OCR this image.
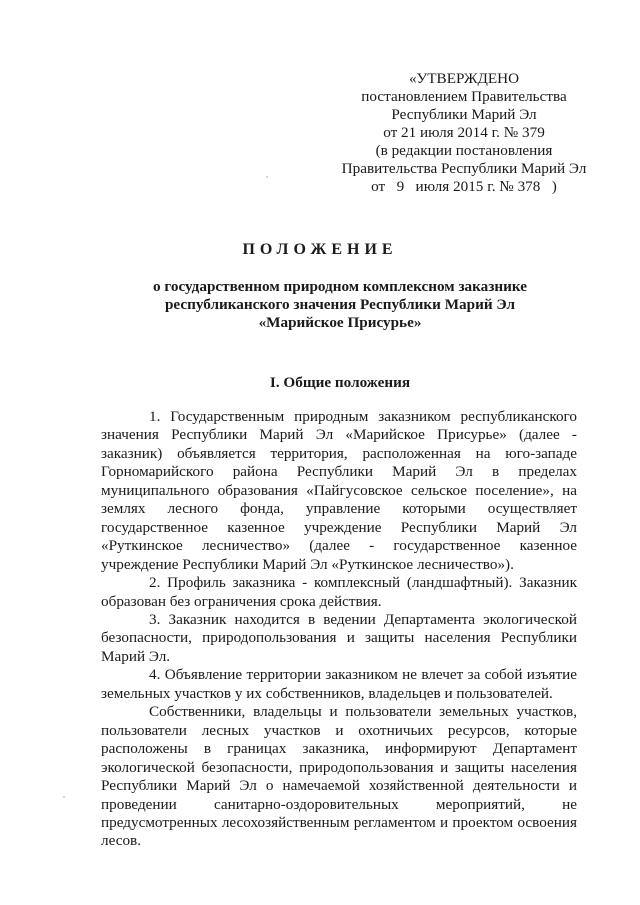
«УТВЕРЖДЕНО
постановлением Правительства
Республики Марий Эл
от 21 июля 2014 г. № 379
(в редакции постановления
Правительства Республики Марий Эл
от   9   июля 2015 г. № 378   )
ПОЛОЖЕНИЕ
о государственном природном комплексном заказнике
республиканского значения Республики Марий Эл
«Марийское Присурье»
I. Общие положения

1. Государственным природным заказником республиканского значения Республики Марий Эл «Марийское Присурье» (далее - заказник) объявляется территория, расположенная на юго-западе Горномарийского района Республики Марий Эл в пределах муниципального образования «Пайгусовское сельское поселение», на землях лесного фонда, управление которыми осуществляет государственное казенное учреждение Республики Марий Эл «Руткинское лесничество» (далее - государственное казенное учреждение Республики Марий Эл «Руткинское лесничество»).

2. Профиль заказника - комплексный (ландшафтный). Заказник образован без ограничения срока действия.

3. Заказник находится в ведении Департамента экологической безопасности, природопользования и защиты населения Республики Марий Эл.

4. Объявление территории заказником не влечет за собой изъятие земельных участков у их собственников, владельцев и пользователей.

Собственники, владельцы и пользователи земельных участков, пользователи лесных участков и охотничьих ресурсов, которые расположены в границах заказника, информируют Департамент экологической безопасности, природопользования и защиты населения Республики Марий Эл о намечаемой хозяйственной деятельности и проведении санитарно-оздоровительных мероприятий, не предусмотренных лесохозяйственным регламентом и проектом освоения лесов.
